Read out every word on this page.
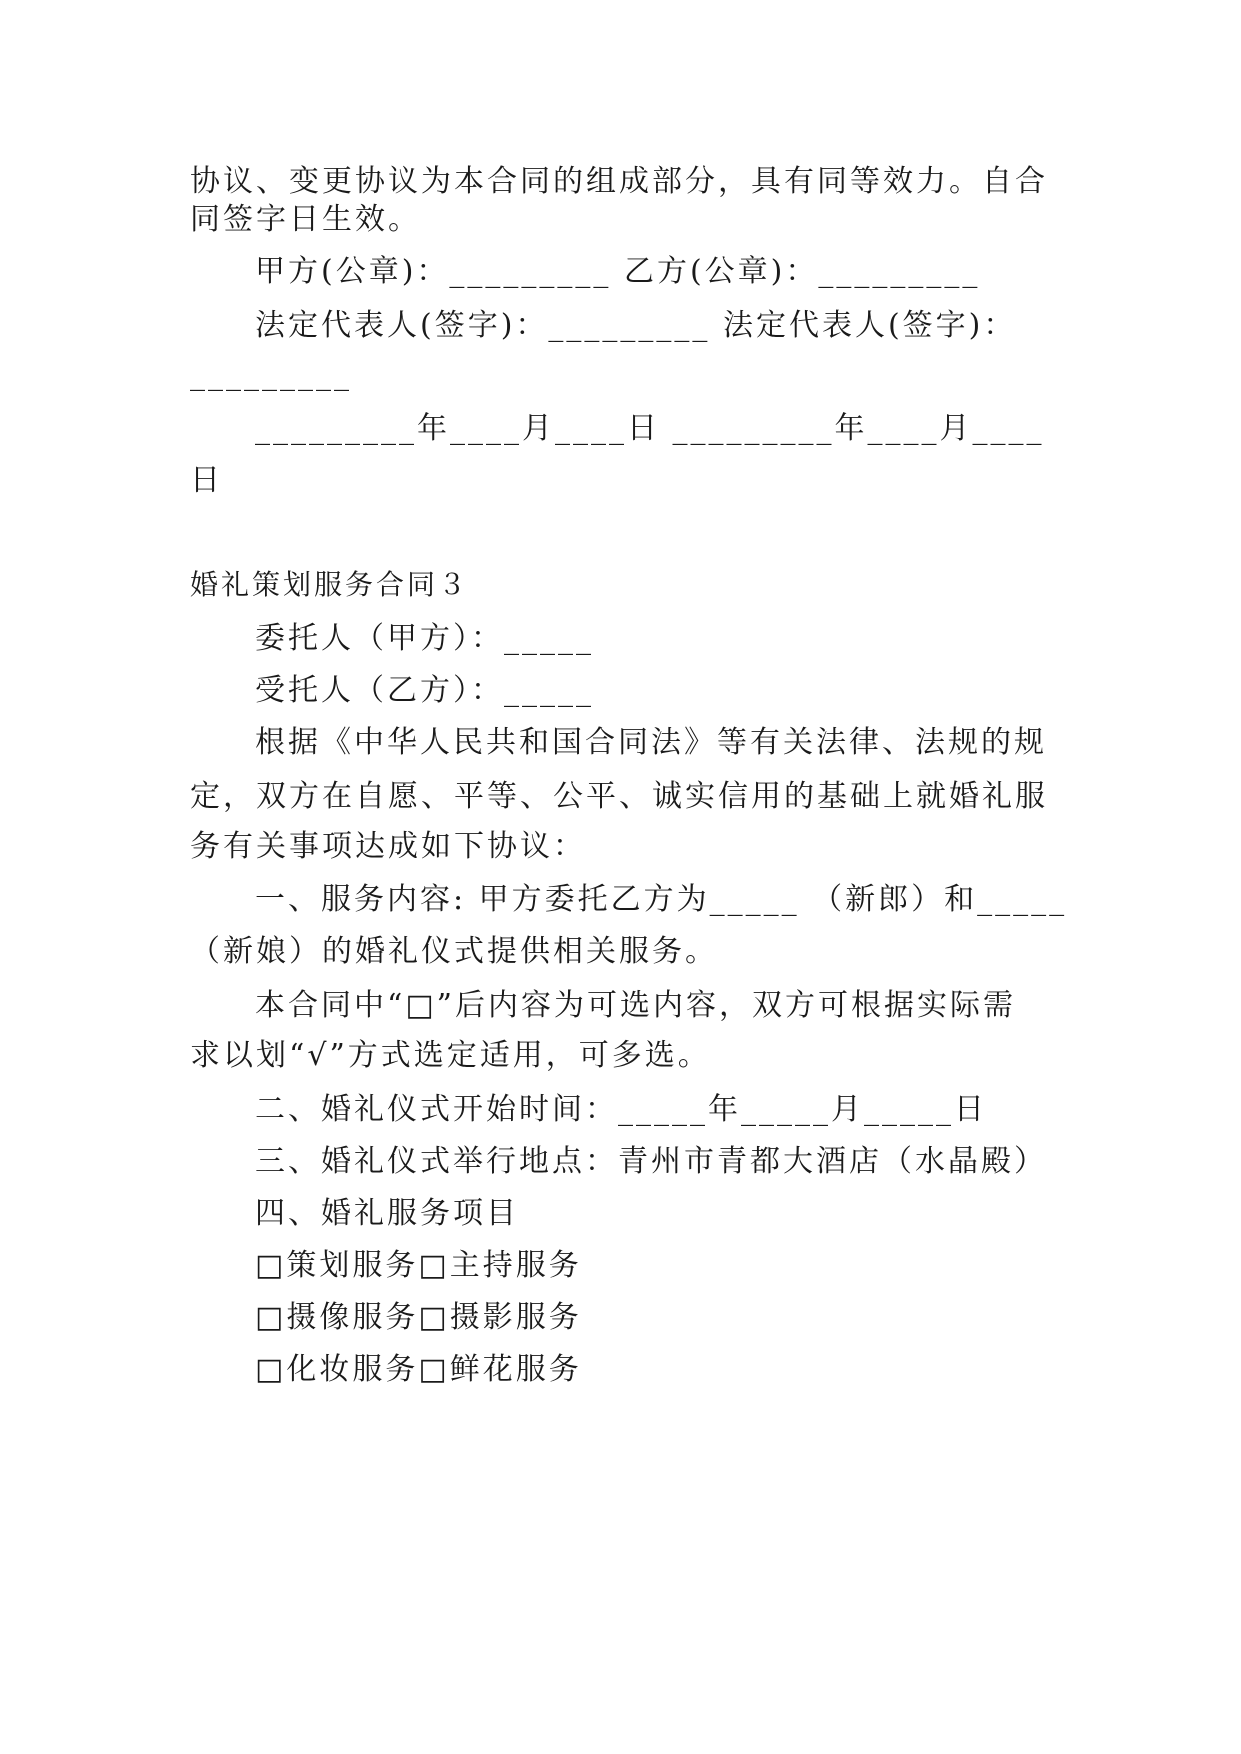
协议、变更协议为本合同的组成部分，具有同等效力。自合
同签字日生效。
甲方(公章)：_________ 乙方(公章)：_________
法定代表人(签字)：_________ 法定代表人(签字)：
_________
_________年____月____日 _________年____月____
日
婚礼策划服务合同３
委托人（甲方）：_____
受托人（乙方）：_____
根据《中华人民共和国合同法》等有关法律、法规的规
定，双方在自愿、平等、公平、诚实信用的基础上就婚礼服
务有关事项达成如下协议：
一、服务内容: 甲方委托乙方为_____ （新郎）和_____
（新娘）的婚礼仪式提供相关服务。
本合同中“□”后内容为可选内容，双方可根据实际需
求以划“√”方式选定适用，可多选。
二、婚礼仪式开始时间：_____年_____月_____日
三、婚礼仪式举行地点：青州市青都大酒店（水晶殿）
四、婚礼服务项目
□策划服务□主持服务
□摄像服务□摄影服务
□化妆服务□鲜花服务
